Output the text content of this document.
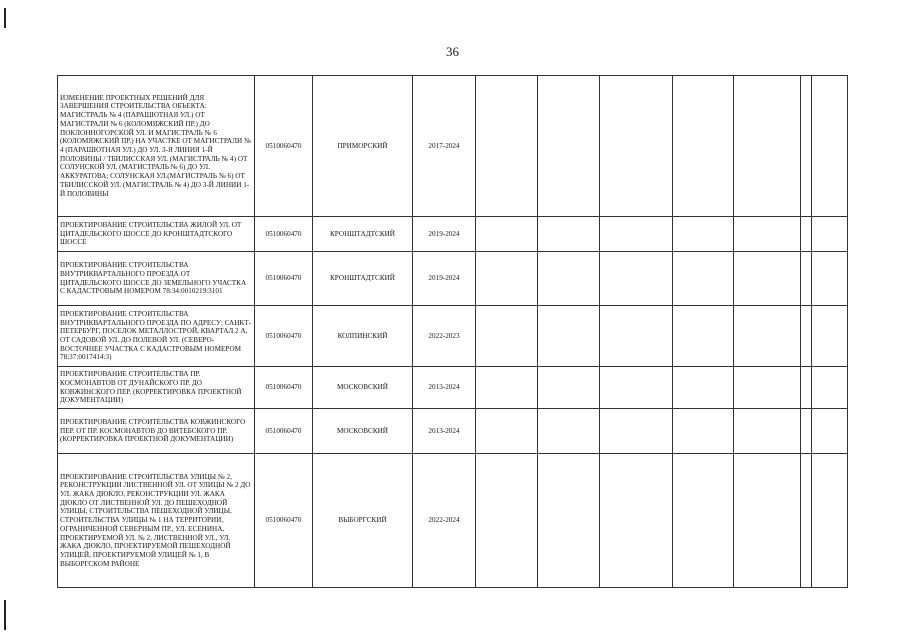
36
ИЗМЕНЕНИЕ ПРОЕКТНЫХ РЕШЕНИЙ ДЛЯ ЗАВЕРШЕНИЯ СТРОИТЕЛЬСТВА ОБЪЕКТА: МАГИСТРАЛЬ № 4 (ПАРАШЮТНАЯ УЛ.) ОТ МАГИСТРАЛИ № 6 (КОЛОМЯЖСКИЙ ПР.) ДО ПОКЛОННОГОРСКОЙ УЛ. И МАГИСТРАЛЬ № 6 (КОЛОМЯЖСКИЙ ПР.) НА УЧАСТКЕ ОТ МАГИСТРАЛИ № 4 (ПАРАШЮТНАЯ УЛ.) ДО УЛ. 3-Я ЛИНИЯ 1-Й ПОЛОВИНЫ / ТБИЛИССКАЯ УЛ. (МАГИСТРАЛЬ № 4) ОТ СОЛУНСКОЙ УЛ. (МАГИСТРАЛЬ № 6) ДО УЛ. АККУРАТОВА; СОЛУНСКАЯ УЛ.(МАГИСТРАЛЬ № 6) ОТ ТБИЛИССКОЙ УЛ. (МАГИСТРАЛЬ № 4) ДО 3-Й ЛИНИИ 1-Й ПОЛОВИНЫ	0510060470	ПРИМОРСКИЙ	2017-2024							
ПРОЕКТИРОВАНИЕ СТРОИТЕЛЬСТВА ЖИЛОЙ УЛ. ОТ ЦИТАДЕЛЬСКОГО ШОССЕ ДО КРОНШТАДТСКОГО ШОССЕ	0510060470	КРОНШТАДТСКИЙ	2019-2024							
ПРОЕКТИРОВАНИЕ СТРОИТЕЛЬСТВА ВНУТРИКВАРТАЛЬНОГО ПРОЕЗДА ОТ ЦИТАДЕЛЬСКОГО ШОССЕ ДО ЗЕМЕЛЬНОГО УЧАСТКА С КАДАСТРОВЫМ НОМЕРОМ 78:34:0010219:3101	0510060470	КРОНШТАДТСКИЙ	2019-2024							
ПРОЕКТИРОВАНИЕ СТРОИТЕЛЬСТВА ВНУТРИКВАРТАЛЬНОГО ПРОЕЗДА ПО АДРЕСУ: САНКТ-ПЕТЕРБУРГ, ПОСЕЛОК МЕТАЛЛОСТРОЙ, КВАРТАЛ 2 А, ОТ САДОВОЙ УЛ. ДО ПОЛЕВОЙ УЛ. (СЕВЕРО-ВОСТОЧНЕЕ УЧАСТКА С КАДАСТРОВЫМ НОМЕРОМ 78:37:0017414:3)	0510060470	КОЛПИНСКИЙ	2022-2023							
ПРОЕКТИРОВАНИЕ СТРОИТЕЛЬСТВА ПР. КОСМОНАВТОВ ОТ ДУНАЙСКОГО ПР. ДО КОВЖИНСКОГО ПЕР. (КОРРЕКТИРОВКА ПРОЕКТНОЙ ДОКУМЕНТАЦИИ)	0510060470	МОСКОВСКИЙ	2013-2024							
ПРОЕКТИРОВАНИЕ СТРОИТЕЛЬСТВА КОВЖИНСКОГО ПЕР. ОТ ПР. КОСМОНАВТОВ ДО ВИТЕБСКОГО ПР. (КОРРЕКТИРОВКА ПРОЕКТНОЙ ДОКУМЕНТАЦИИ)	0510060470	МОСКОВСКИЙ	2013-2024							
ПРОЕКТИРОВАНИЕ СТРОИТЕЛЬСТВА УЛИЦЫ № 2, РЕКОНСТРУКЦИИ ЛИСТВЕННОЙ УЛ. ОТ УЛИЦЫ № 2 ДО УЛ. ЖАКА ДЮКЛО, РЕКОНСТРУКЦИИ УЛ. ЖАКА ДЮКЛО ОТ ЛИСТВЕННОЙ УЛ. ДО ПЕШЕХОДНОЙ УЛИЦЫ, СТРОИТЕЛЬСТВА ПЕШЕХОДНОЙ УЛИЦЫ, СТРОИТЕЛЬСТВА УЛИЦЫ № 1 НА ТЕРРИТОРИИ, ОГРАНИЧЕННОЙ СЕВЕРНЫМ ПР., УЛ. ЕСЕНИНА, ПРОЕКТИРУЕМОЙ УЛ. № 2, ЛИСТВЕННОЙ УЛ., УЛ. ЖАКА ДЮКЛО, ПРОЕКТИРУЕМОЙ ПЕШЕХОДНОЙ УЛИЦЕЙ, ПРОЕКТИРУЕМОЙ УЛИЦЕЙ № 1, В ВЫБОРГСКОМ РАЙОНЕ	0510060470	ВЫБОРГСКИЙ	2022-2024							
